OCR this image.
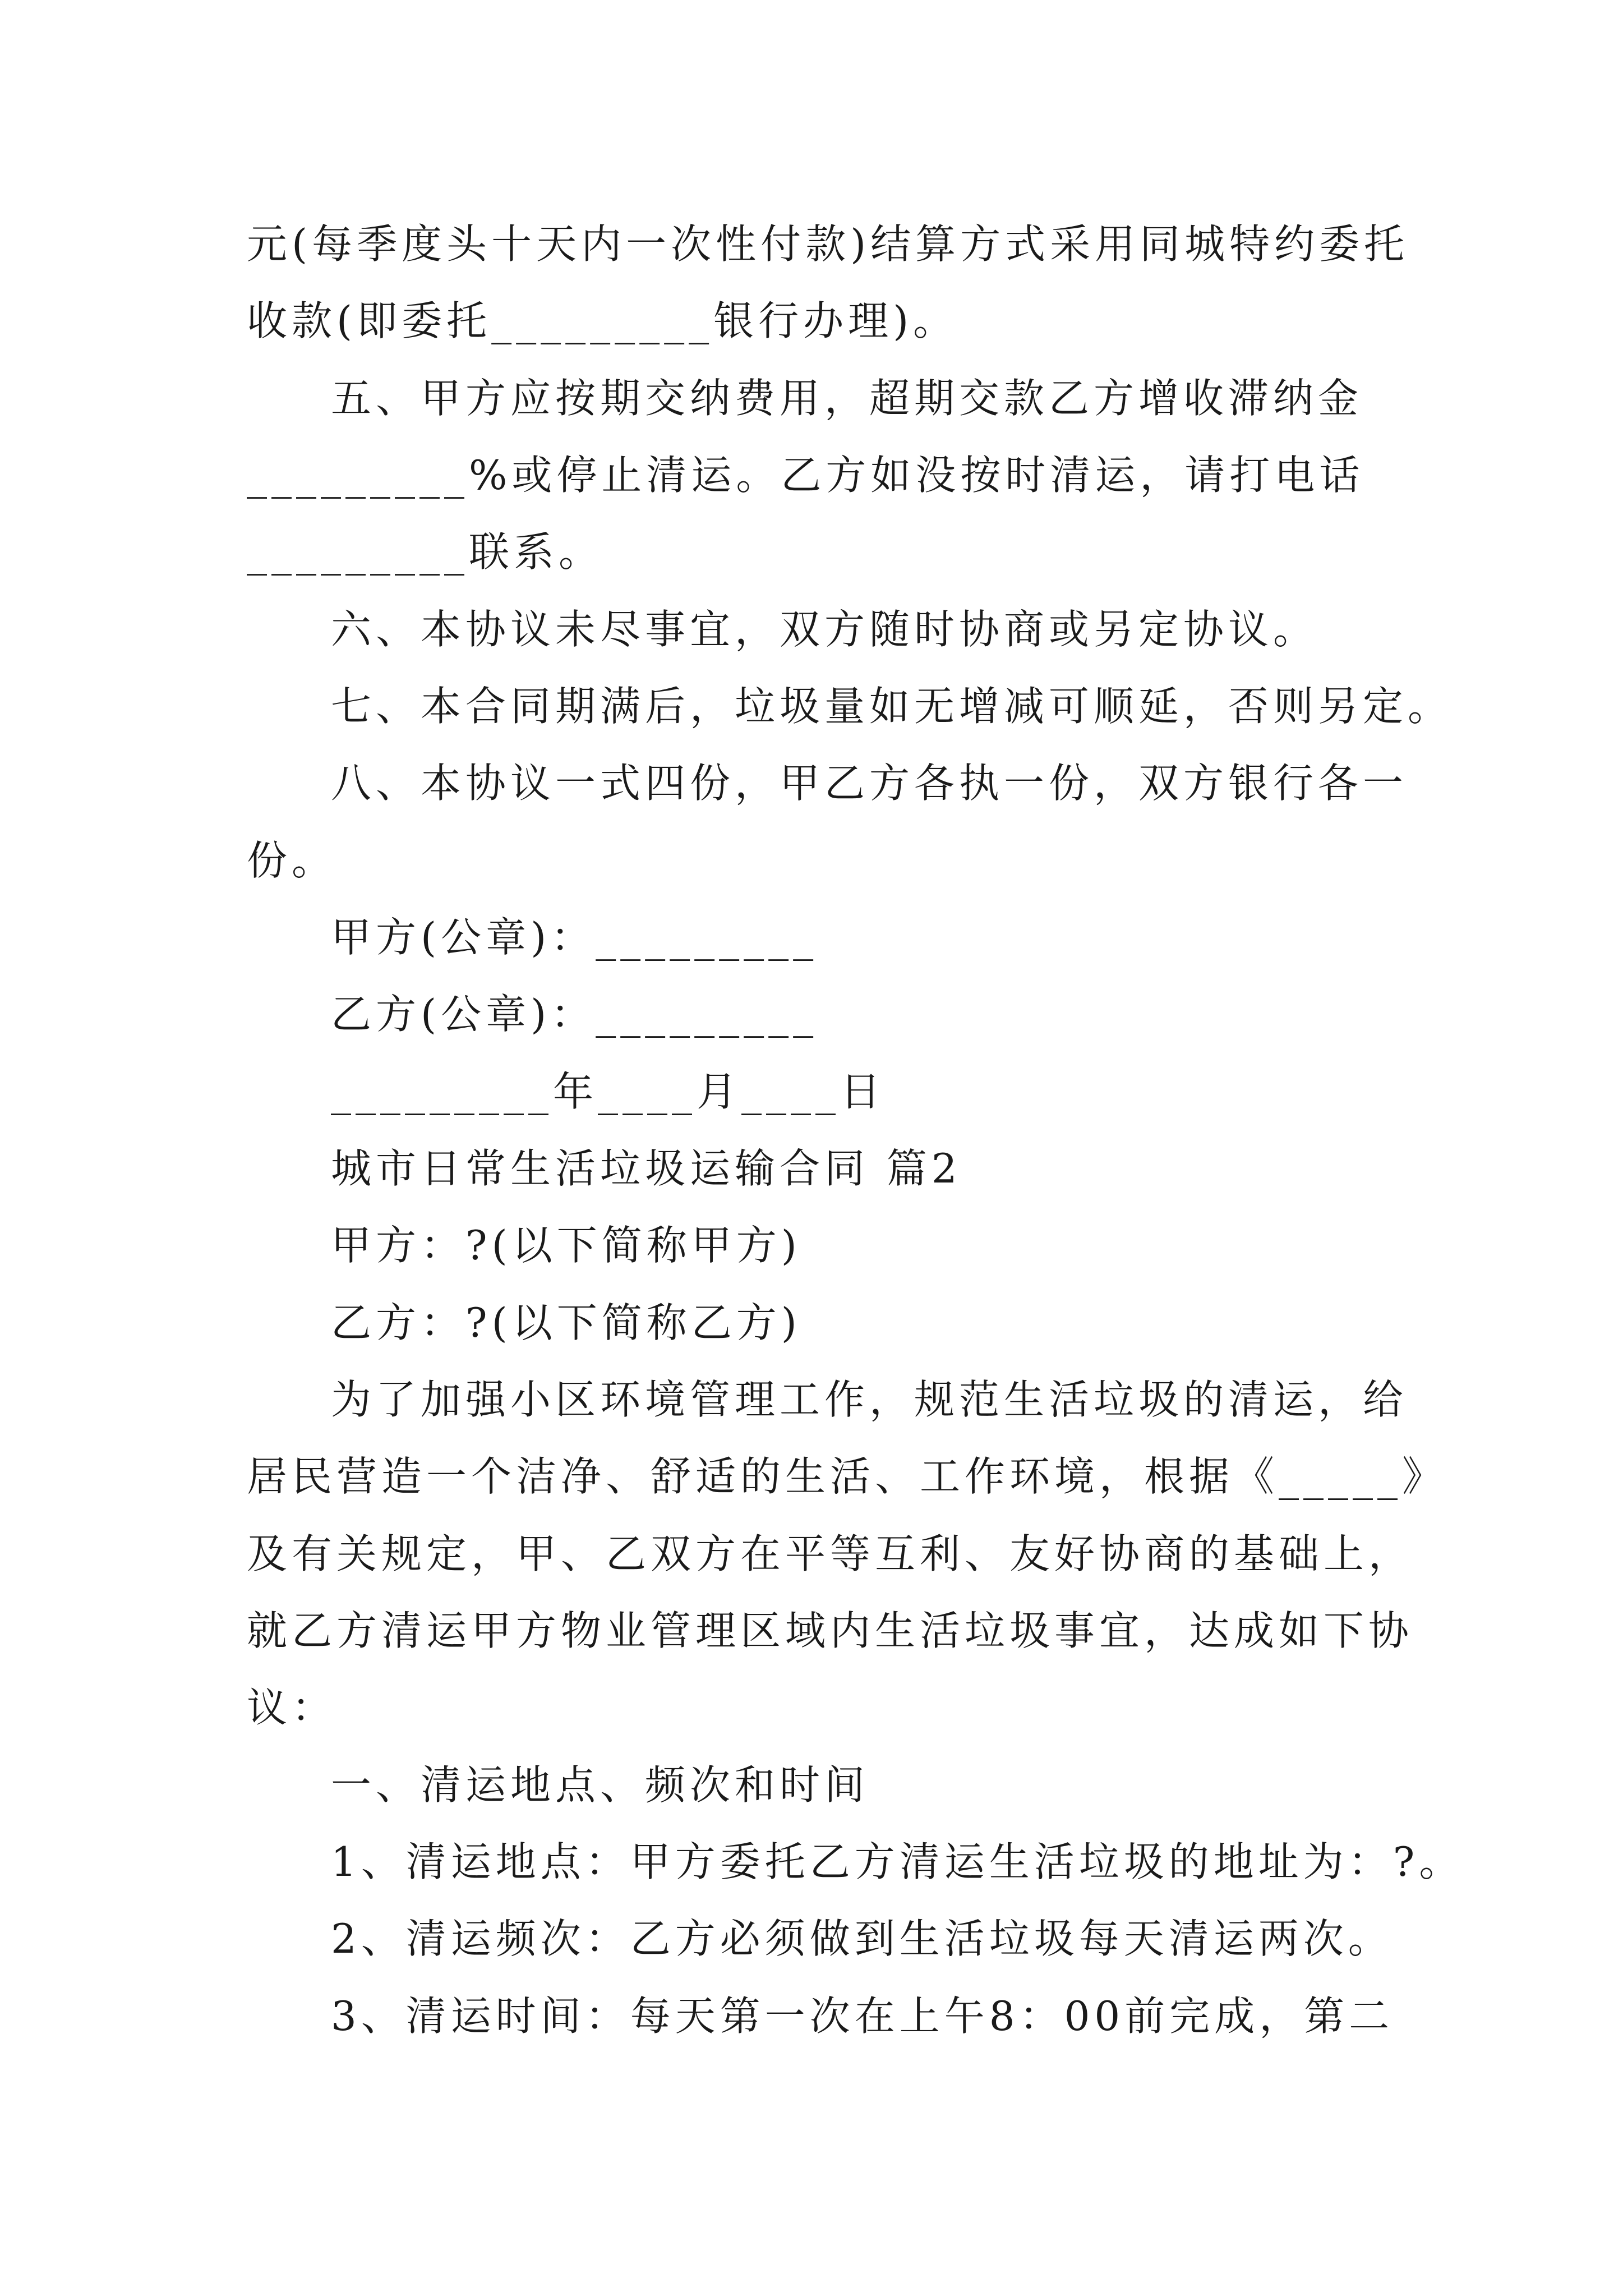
元(每季度头十天内一次性付款)结算方式采用同城特约委托
收款(即委托_________银行办理)。
五、甲方应按期交纳费用，超期交款乙方增收滞纳金
_________%或停止清运。乙方如没按时清运，请打电话
_________联系。
六、本协议未尽事宜，双方随时协商或另定协议。
七、本合同期满后，垃圾量如无增减可顺延，否则另定。
八、本协议一式四份，甲乙方各执一份，双方银行各一
份。
甲方(公章)：_________
乙方(公章)：_________
_________年____月____日
城市日常生活垃圾运输合同 篇2
甲方：?(以下简称甲方)
乙方：?(以下简称乙方)
为了加强小区环境管理工作，规范生活垃圾的清运，给
居民营造一个洁净、舒适的生活、工作环境，根据《_____》
及有关规定，甲、乙双方在平等互利、友好协商的基础上，
就乙方清运甲方物业管理区域内生活垃圾事宜，达成如下协
议：
一、清运地点、频次和时间
1、清运地点：甲方委托乙方清运生活垃圾的地址为：?。
2、清运频次：乙方必须做到生活垃圾每天清运两次。
3、清运时间：每天第一次在上午8：00前完成，第二
